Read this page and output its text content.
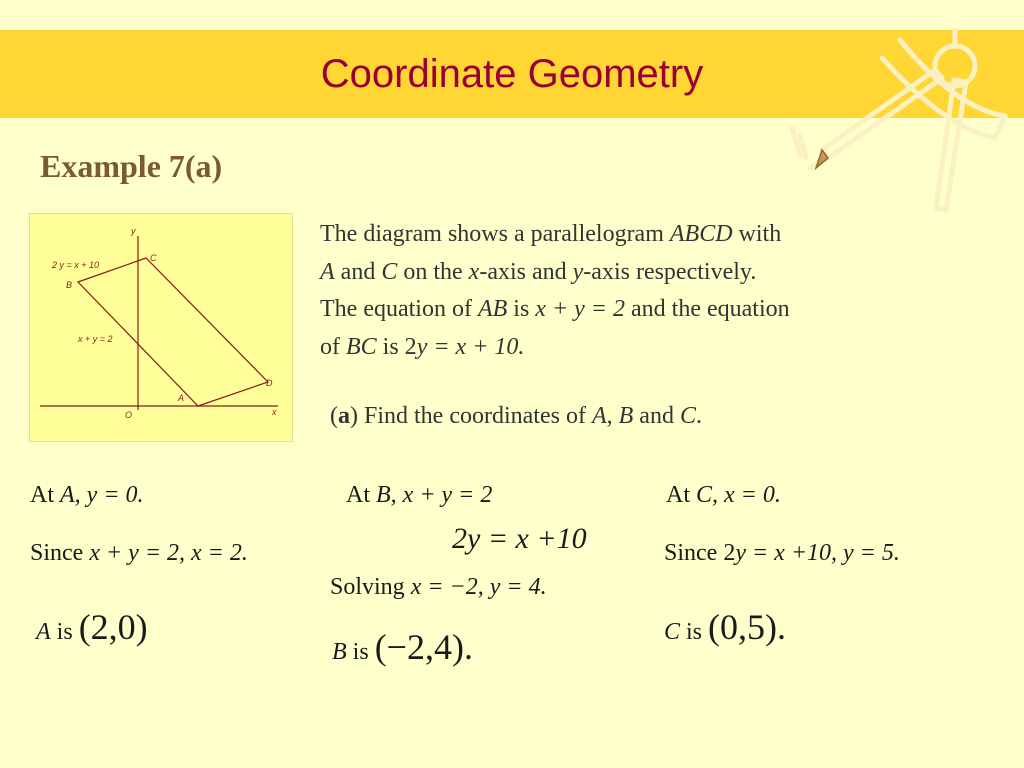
Coordinate Geometry
Example 7(a)
y
x
O
A
B
C
D
2 y = x + 10
x + y = 2
The diagram shows a parallelogram ABCD with
A and C on the x-axis and y-axis respectively.
The equation of AB is x + y = 2 and the equation
of BC is 2y = x + 10.
(a) Find the coordinates of A, B and C.
At A, y = 0.
Since x + y = 2, x = 2.
A is (2,0)
At B, x + y = 2
2y = x +10
Solving x = −2, y = 4.
B is (−2,4).
At C, x = 0.
Since 2y = x +10, y = 5.
C is (0,5).
